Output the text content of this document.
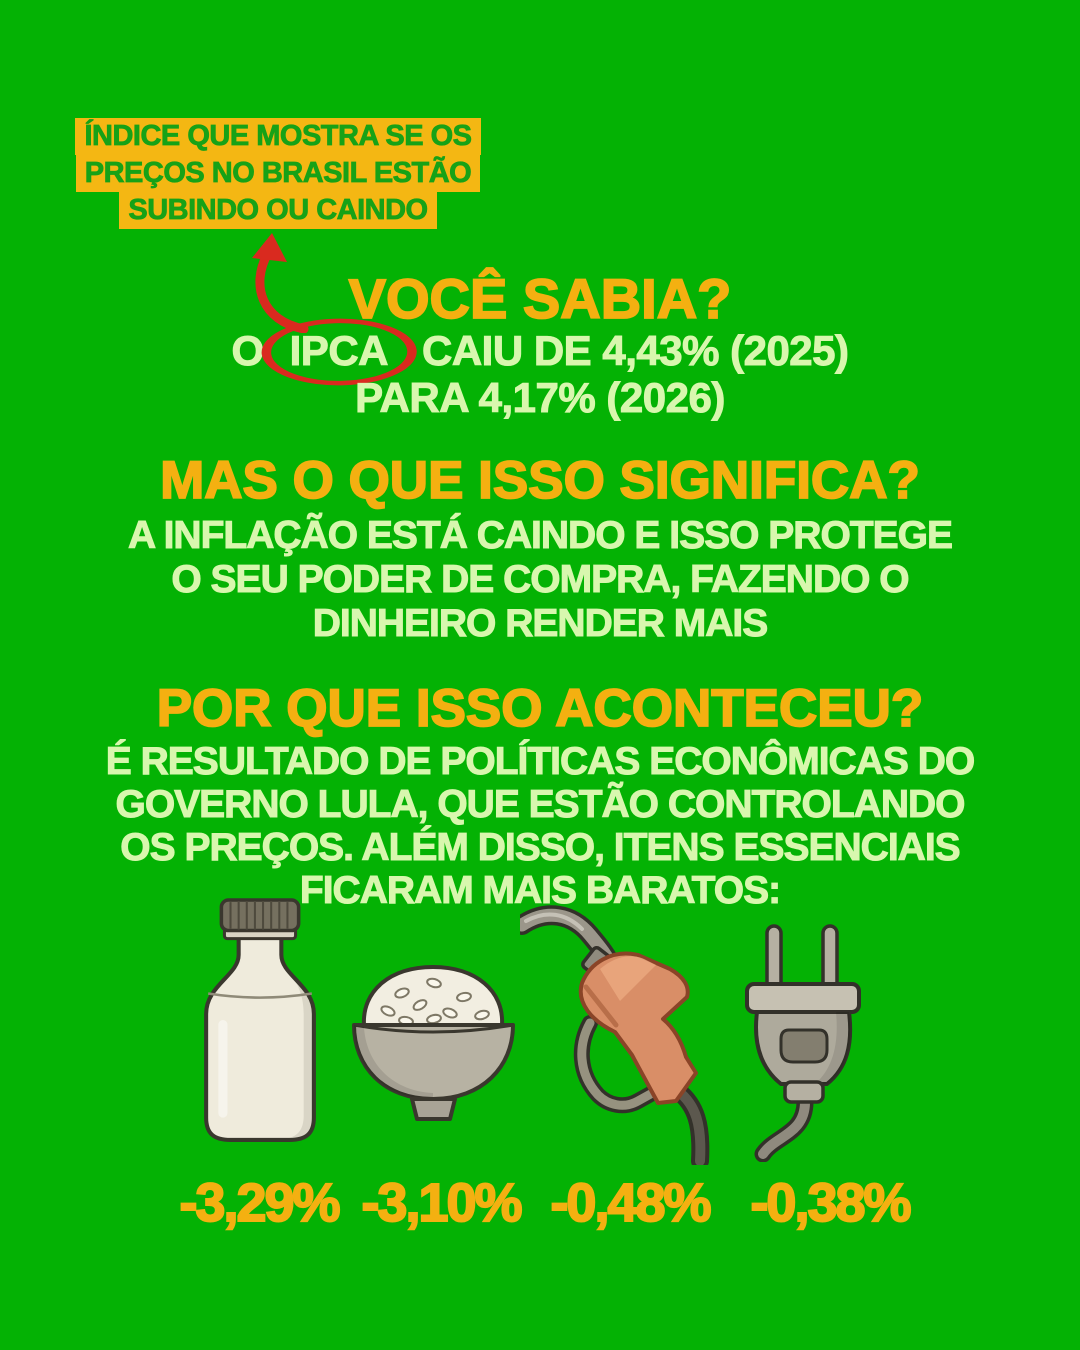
ÍNDICE QUE MOSTRA SE OS
PREÇOS NO BRASIL ESTÃO
SUBINDO OU CAINDO
VOCÊ SABIA?
O IPCA CAIU DE 4,43% (2025)
PARA 4,17% (2026)
MAS O QUE ISSO SIGNIFICA?
A INFLAÇÃO ESTÁ CAINDO E ISSO PROTEGE
O SEU PODER DE COMPRA, FAZENDO O
DINHEIRO RENDER MAIS
POR QUE ISSO ACONTECEU?
É RESULTADO DE POLÍTICAS ECONÔMICAS DO
GOVERNO LULA, QUE ESTÃO CONTROLANDO
OS PREÇOS. ALÉM DISSO, ITENS ESSENCIAIS
FICARAM MAIS BARATOS:
-3,29% -3,10% -0,48% -0,38%
